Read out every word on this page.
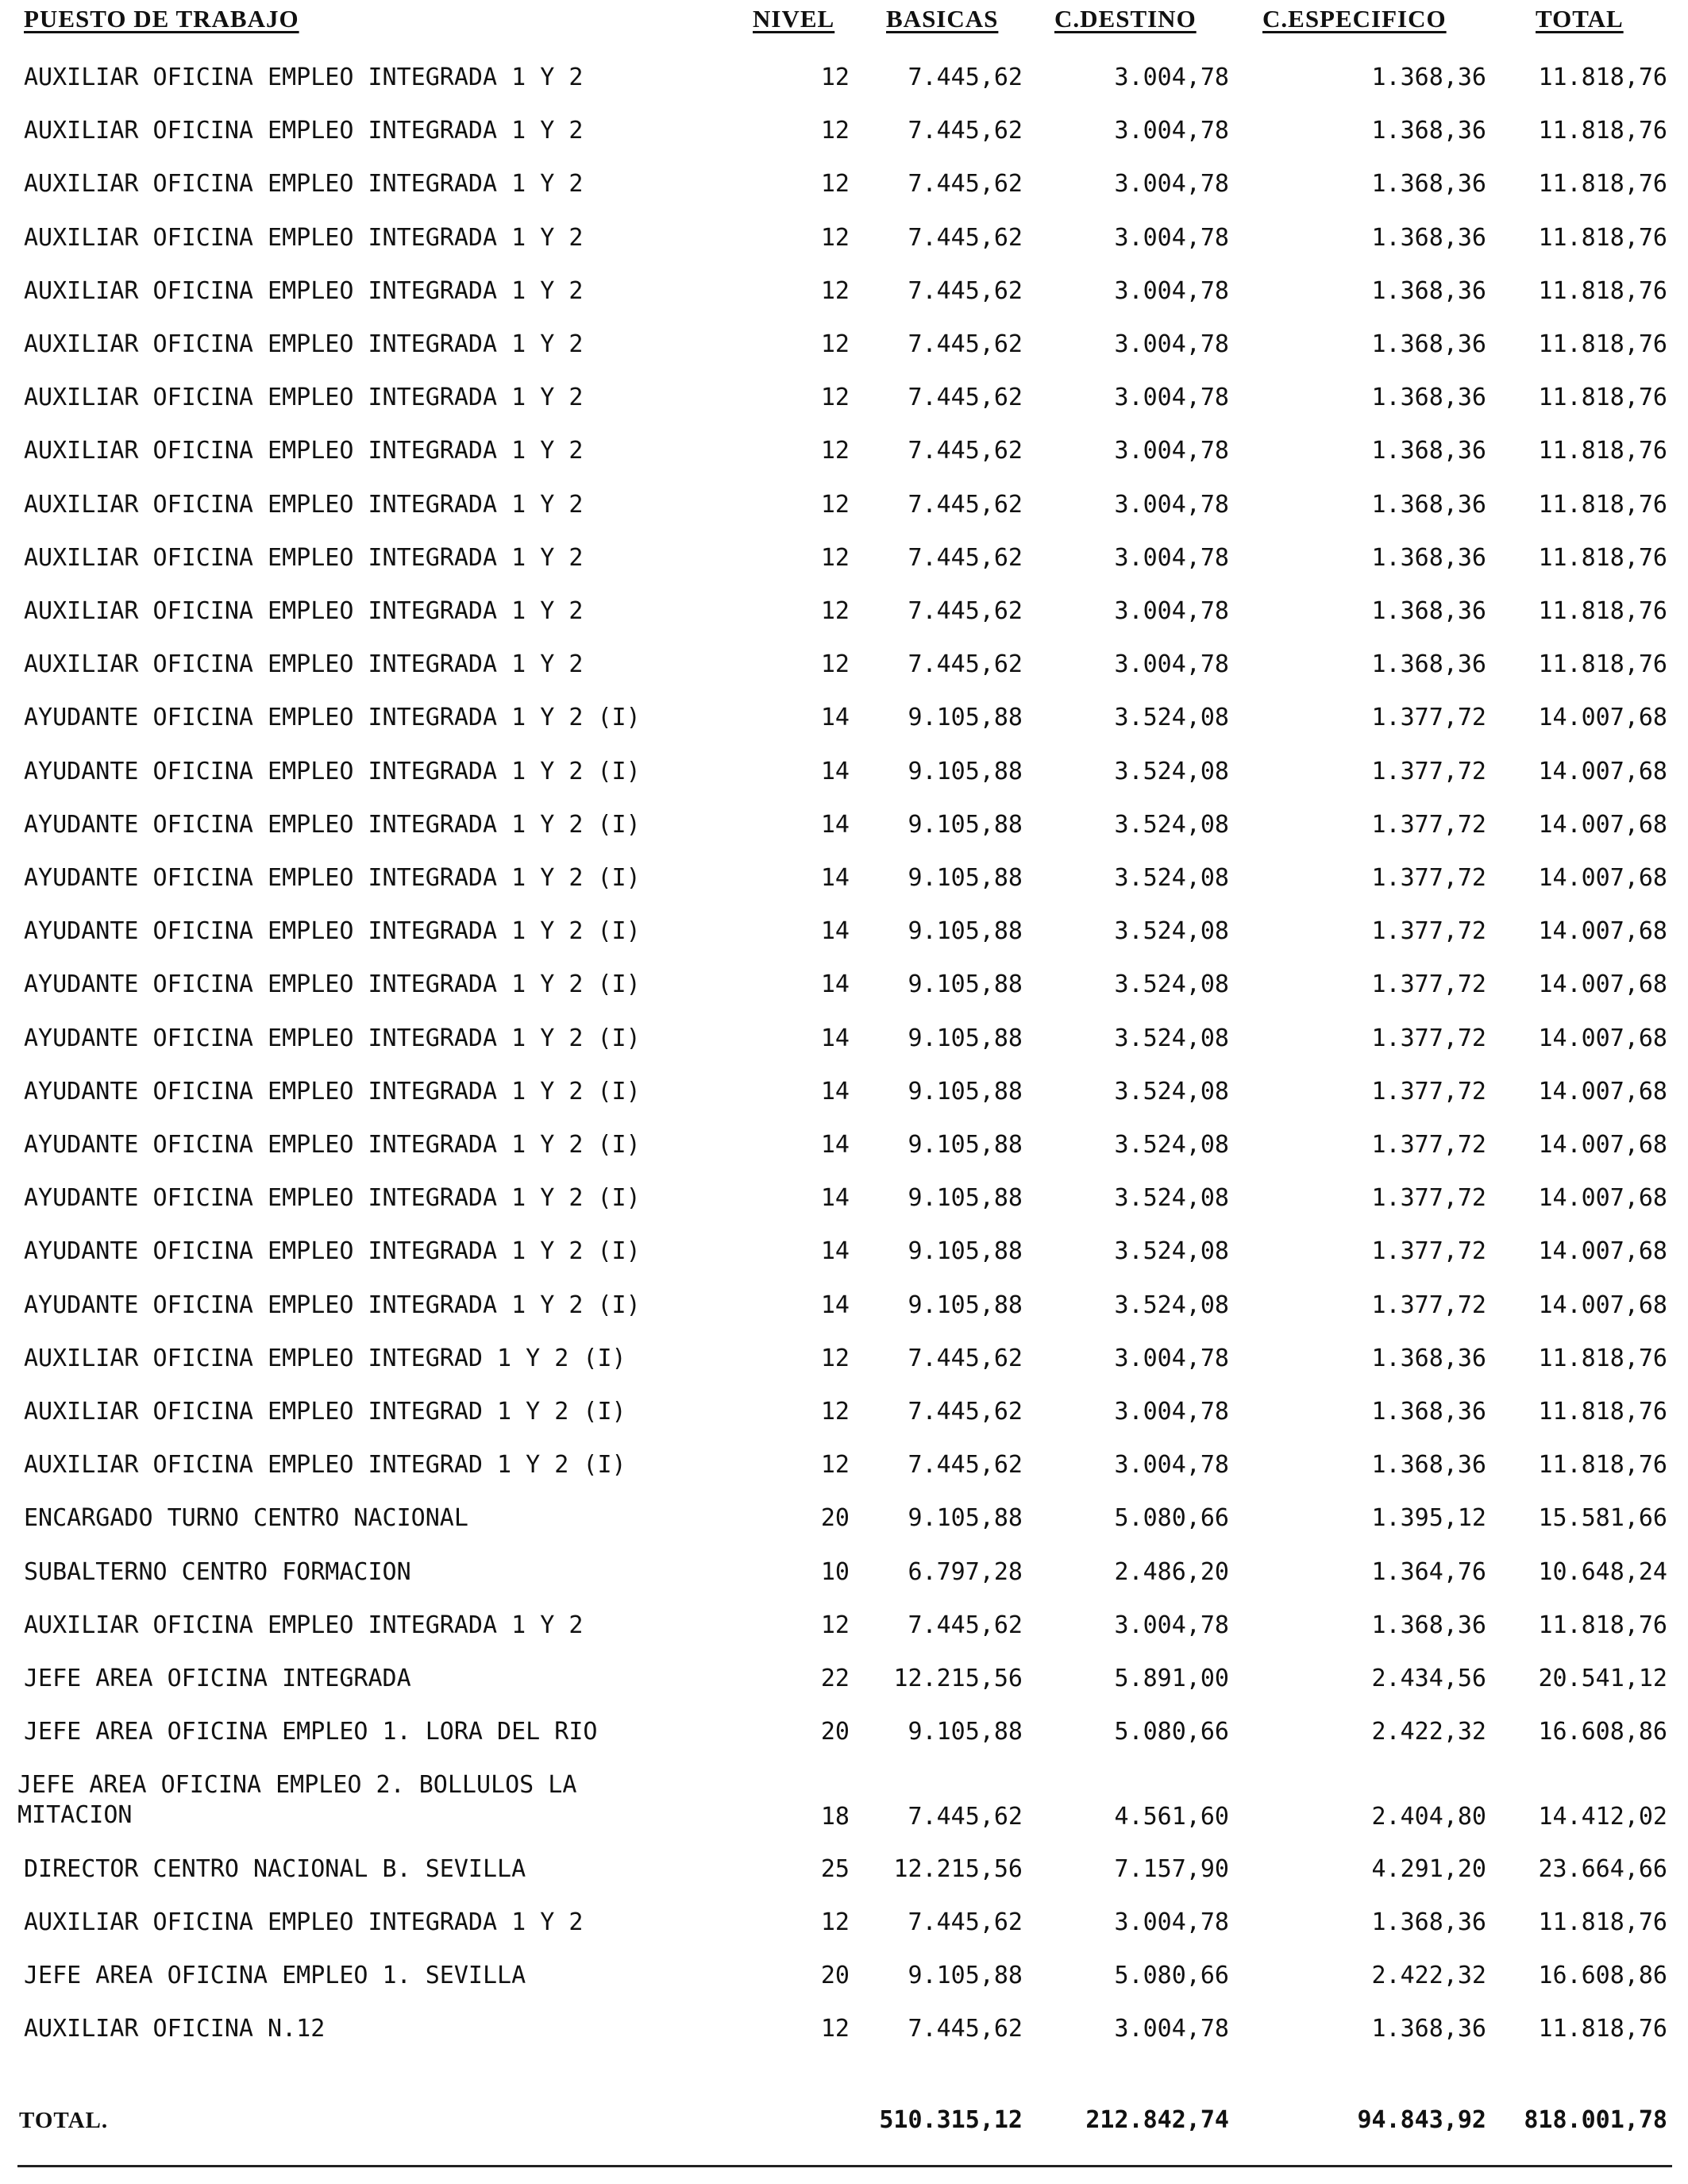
PUESTO DE TRABAJO	NIVEL BASICAS C.DESTINO	C.ESPECIFICO	TOTAL
AUXILIAR OFICINA EMPLEO INTEGRADA 1 Y 2	12 7.445,62	3.004,78	1.368,36 11.818,76
AUXILIAR OFICINA EMPLEO INTEGRADA 1 Y 2	12 7.445,62	3.004,78	1.368,36 11.818,76
AUXILIAR OFICINA EMPLEO INTEGRADA 1 Y 2	12 7.445,62	3.004,78	1.368,36 11.818,76
AUXILIAR OFICINA EMPLEO INTEGRADA 1 Y 2	12 7.445,62	3.004,78	1.368,36 11.818,76
AUXILIAR OFICINA EMPLEO INTEGRADA 1 Y 2	12 7.445,62	3.004,78	1.368,36 11.818,76
AUXILIAR OFICINA EMPLEO INTEGRADA 1 Y 2	12 7.445,62	3.004,78	1.368,36 11.818,76
AUXILIAR OFICINA EMPLEO INTEGRADA 1 Y 2	12 7.445,62	3.004,78	1.368,36 11.818,76
AUXILIAR OFICINA EMPLEO INTEGRADA 1 Y 2	12 7.445,62	3.004,78	1.368,36 11.818,76
AUXILIAR OFICINA EMPLEO INTEGRADA 1 Y 2	12 7.445,62	3.004,78	1.368,36 11.818,76
AUXILIAR OFICINA EMPLEO INTEGRADA 1 Y 2	12 7.445,62	3.004,78	1.368,36 11.818,76
AUXILIAR OFICINA EMPLEO INTEGRADA 1 Y 2	12 7.445,62	3.004,78	1.368,36 11.818,76
AUXILIAR OFICINA EMPLEO INTEGRADA 1 Y 2	12 7.445,62	3.004,78	1.368,36 11.818,76
AYUDANTE OFICINA EMPLEO INTEGRADA 1 Y 2 (I)	14 9.105,88	3.524,08	1.377,72 14.007,68
AYUDANTE OFICINA EMPLEO INTEGRADA 1 Y 2 (I)	14 9.105,88	3.524,08	1.377,72 14.007,68
AYUDANTE OFICINA EMPLEO INTEGRADA 1 Y 2 (I)	14 9.105,88	3.524,08	1.377,72 14.007,68
AYUDANTE OFICINA EMPLEO INTEGRADA 1 Y 2 (I)	14 9.105,88	3.524,08	1.377,72 14.007,68
AYUDANTE OFICINA EMPLEO INTEGRADA 1 Y 2 (I)	14 9.105,88	3.524,08	1.377,72 14.007,68
AYUDANTE OFICINA EMPLEO INTEGRADA 1 Y 2 (I)	14 9.105,88	3.524,08	1.377,72 14.007,68
AYUDANTE OFICINA EMPLEO INTEGRADA 1 Y 2 (I)	14 9.105,88	3.524,08	1.377,72 14.007,68
AYUDANTE OFICINA EMPLEO INTEGRADA 1 Y 2 (I)	14 9.105,88	3.524,08	1.377,72 14.007,68
AYUDANTE OFICINA EMPLEO INTEGRADA 1 Y 2 (I)	14 9.105,88	3.524,08	1.377,72 14.007,68
AYUDANTE OFICINA EMPLEO INTEGRADA 1 Y 2 (I)	14 9.105,88	3.524,08	1.377,72 14.007,68
AYUDANTE OFICINA EMPLEO INTEGRADA 1 Y 2 (I)	14 9.105,88	3.524,08	1.377,72 14.007,68
AYUDANTE OFICINA EMPLEO INTEGRADA 1 Y 2 (I)	14 9.105,88	3.524,08	1.377,72 14.007,68
AUXILIAR OFICINA EMPLEO INTEGRAD 1 Y 2 (I)	12 7.445,62	3.004,78	1.368,36 11.818,76
AUXILIAR OFICINA EMPLEO INTEGRAD 1 Y 2 (I)	12 7.445,62	3.004,78	1.368,36 11.818,76
AUXILIAR OFICINA EMPLEO INTEGRAD 1 Y 2 (I)	12 7.445,62	3.004,78	1.368,36 11.818,76
ENCARGADO TURNO CENTRO NACIONAL	20 9.105,88	5.080,66	1.395,12 15.581,66
SUBALTERNO CENTRO FORMACION	10 6.797,28	2.486,20	1.364,76 10.648,24
AUXILIAR OFICINA EMPLEO INTEGRADA 1 Y 2	12 7.445,62	3.004,78	1.368,36 11.818,76
JEFE AREA OFICINA INTEGRADA	22 12.215,56	5.891,00	2.434,56 20.541,12
JEFE AREA OFICINA EMPLEO 1. LORA DEL RIO	20 9.105,88	5.080,66	2.422,32 16.608,86
JEFE AREA OFICINA EMPLEO 2. BOLLULOS LA
MITACION	18 7.445,62	4.561,60	2.404,80 14.412,02
DIRECTOR CENTRO NACIONAL B. SEVILLA	25 12.215,56	7.157,90	4.291,20 23.664,66
AUXILIAR OFICINA EMPLEO INTEGRADA 1 Y 2	12 7.445,62	3.004,78	1.368,36 11.818,76
JEFE AREA OFICINA EMPLEO 1. SEVILLA	20 9.105,88	5.080,66	2.422,32 16.608,86
AUXILIAR OFICINA N.12	12 7.445,62	3.004,78	1.368,36 11.818,76
TOTAL.	510.315,12	212.842,74	94.843,92 818.001,78
